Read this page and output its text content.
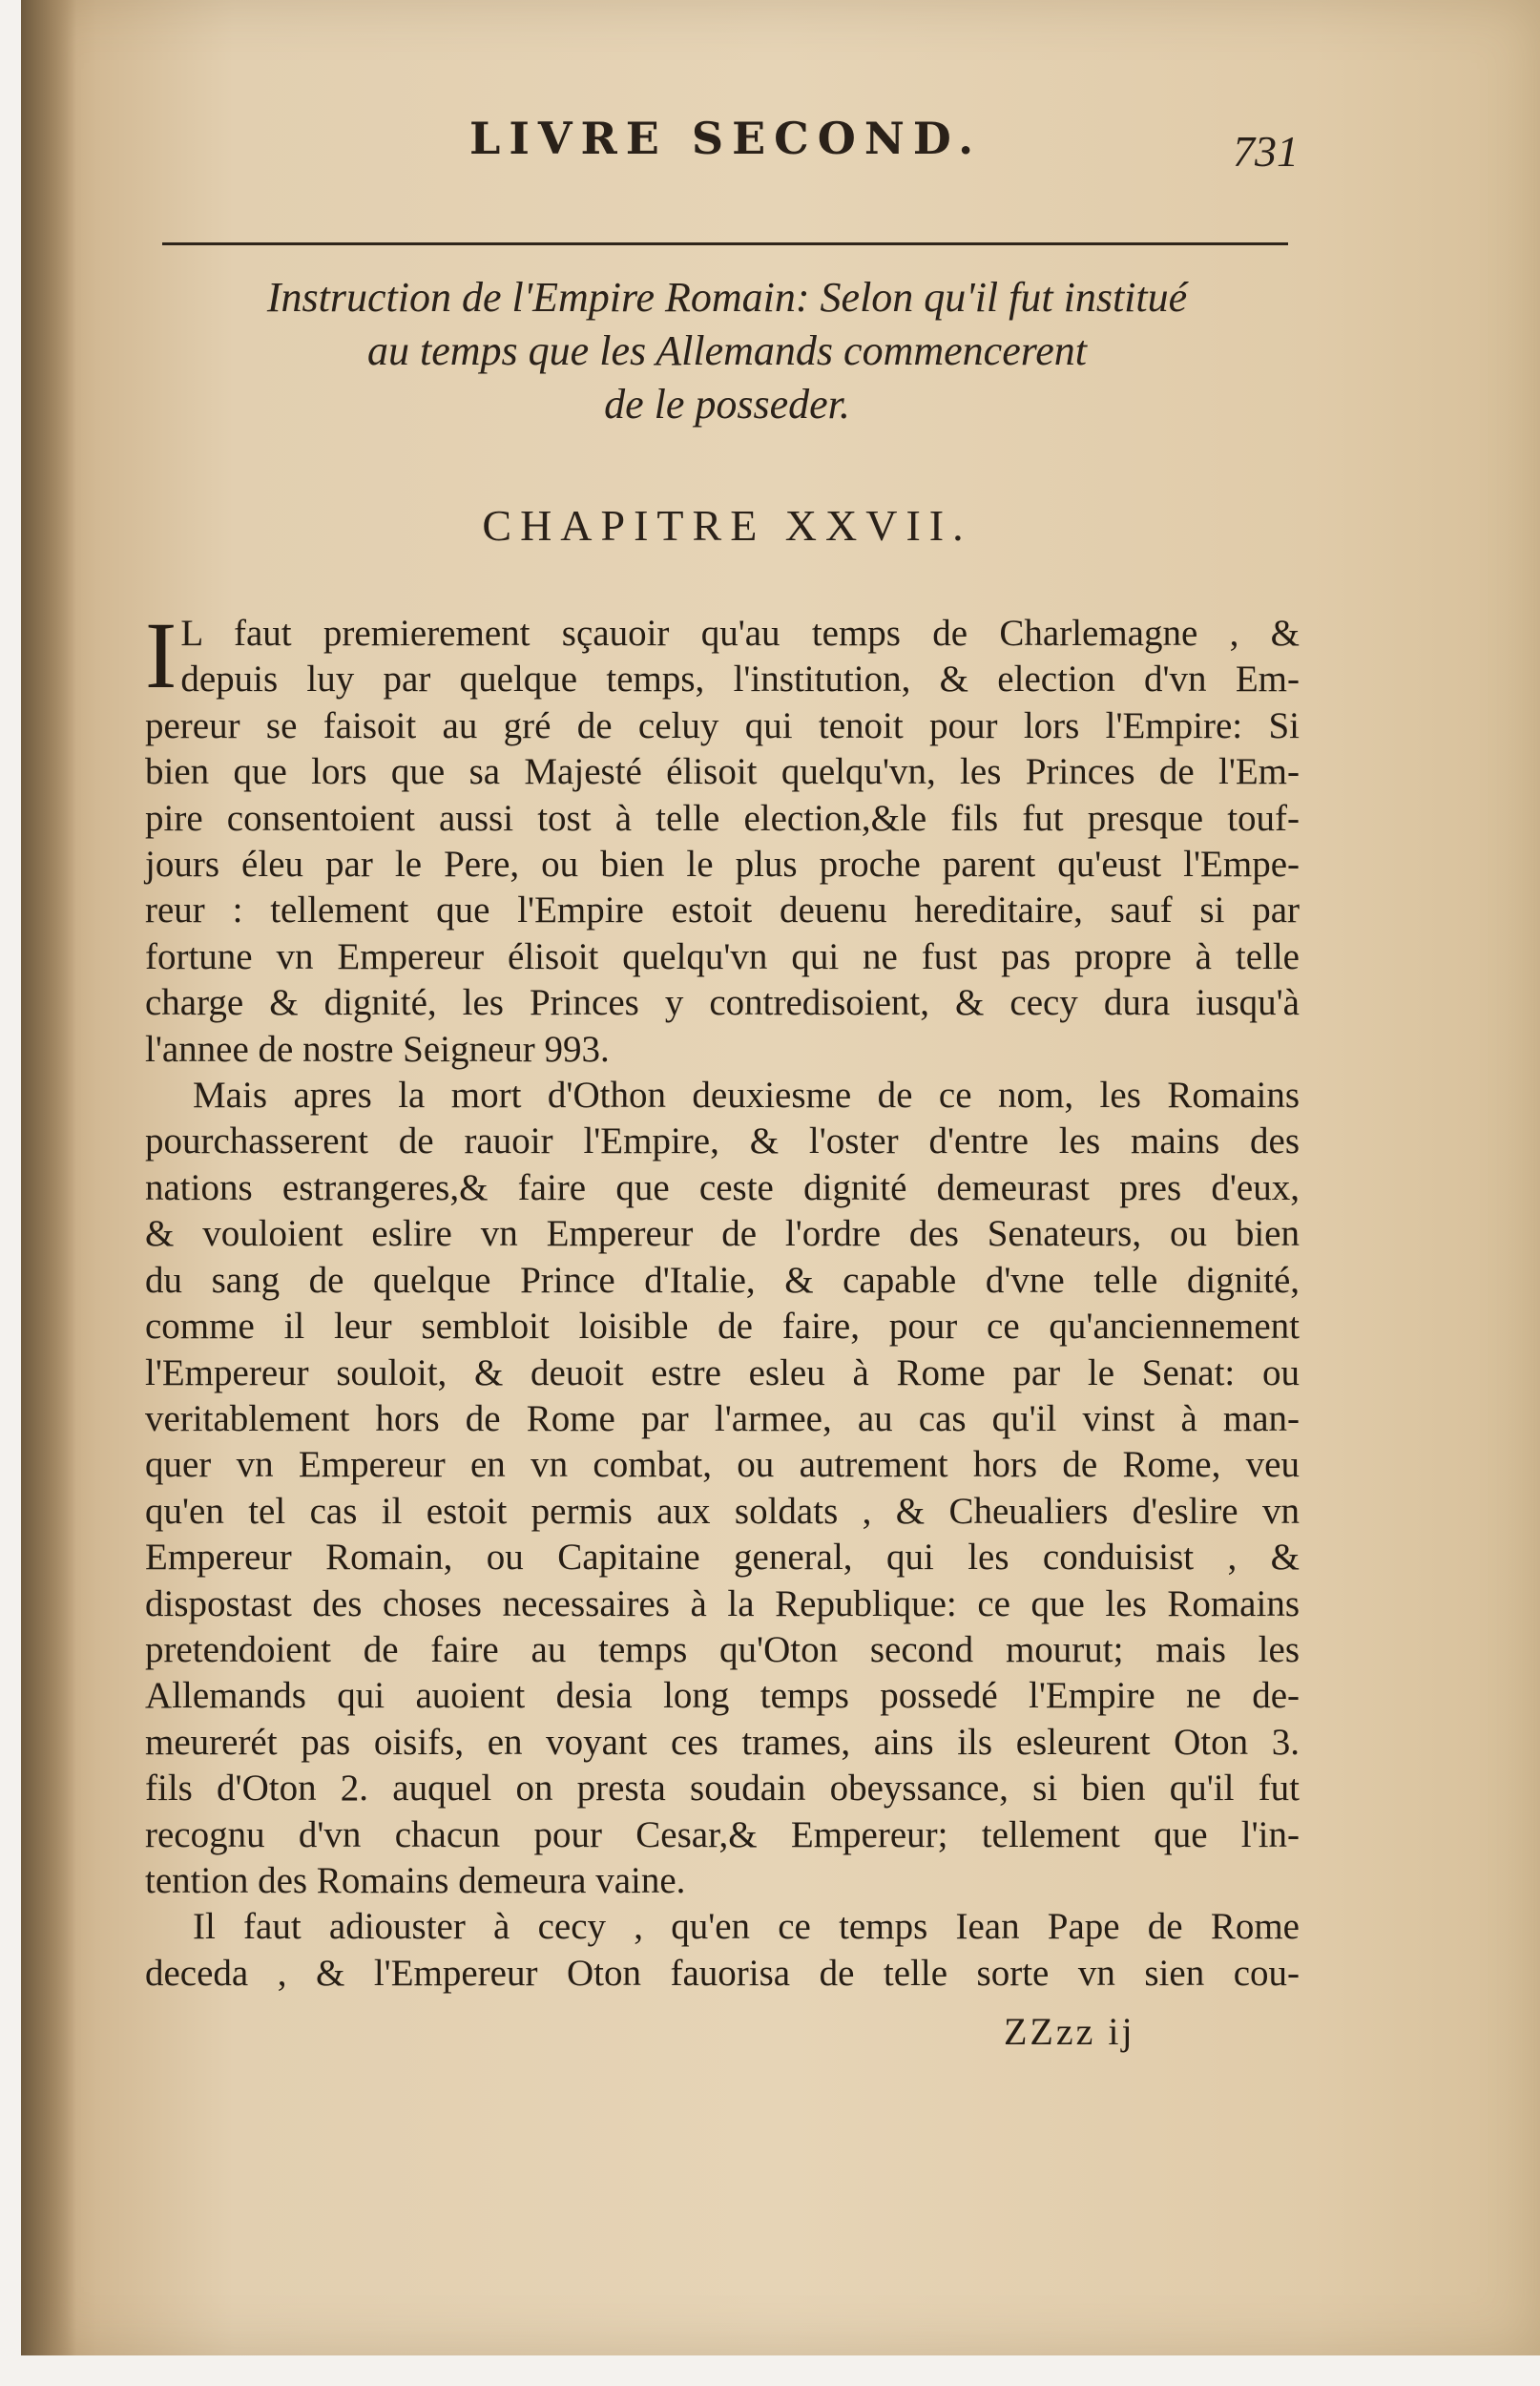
LIVRE SECOND.	731
Instruction de l'Empire Romain: Selon qu'il fut institué
au temps que les Allemands commencerent
de le posseder.
CHAPITRE XXVII.
I L faut premierement sçauoir qu'au temps de Charlemagne , &
depuis luy par quelque temps, l'institution, & election d'vn Em-
pereur se faisoit au gré de celuy qui tenoit pour lors l'Empire: Si
bien que lors que sa Majesté élisoit quelqu'vn, les Princes de l'Em-
pire consentoient aussi tost à telle election,&le fils fut presque touf-
jours éleu par le Pere, ou bien le plus proche parent qu'eust l'Empe-
reur : tellement que l'Empire estoit deuenu hereditaire, sauf si par
fortune vn Empereur élisoit quelqu'vn qui ne fust pas propre à telle
charge & dignité, les Princes y contredisoient, & cecy dura iusqu'à
l'annee de nostre Seigneur 993.
Mais apres la mort d'Othon deuxiesme de ce nom, les Romains
pourchasserent de rauoir l'Empire, & l'oster d'entre les mains des
nations estrangeres,& faire que ceste dignité demeurast pres d'eux,
& vouloient eslire vn Empereur de l'ordre des Senateurs, ou bien
du sang de quelque Prince d'Italie, & capable d'vne telle dignité,
comme il leur sembloit loisible de faire, pour ce qu'anciennement
l'Empereur souloit, & deuoit estre esleu à Rome par le Senat: ou
veritablement hors de Rome par l'armee, au cas qu'il vinst à man-
quer vn Empereur en vn combat, ou autrement hors de Rome, veu
qu'en tel cas il estoit permis aux soldats , & Cheualiers d'eslire vn
Empereur Romain, ou Capitaine general, qui les conduisist , &
dispostast des choses necessaires à la Republique: ce que les Romains
pretendoient de faire au temps qu'Oton second mourut; mais les
Allemands qui auoient desia long temps possedé l'Empire ne de-
meurerét pas oisifs, en voyant ces trames, ains ils esleurent Oton 3.
fils d'Oton 2. auquel on presta soudain obeyssance, si bien qu'il fut
recognu d'vn chacun pour Cesar,& Empereur; tellement que l'in-
tention des Romains demeura vaine.
Il faut adiouster à cecy , qu'en ce temps Iean Pape de Rome
deceda , & l'Empereur Oton fauorisa de telle sorte vn sien cou-
ZZzz ij
